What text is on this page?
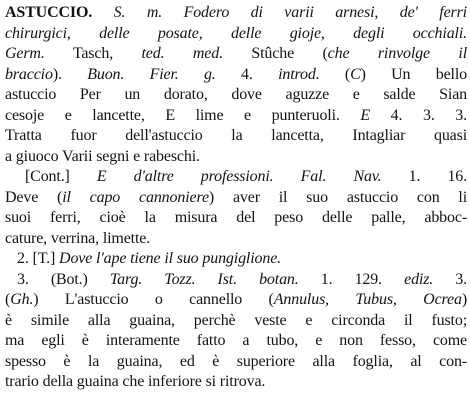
ASTUCCIO. S. m. Fodero di varii arnesi, de' ferri
chirurgici, delle posate, delle gioje, degli occhiali.
Germ. Tasch, ted. med. Stûche (che rinvolge il
braccio). Buon. Fier. g. 4. introd. (C) Un bello
astuccio Per un dorato, dove aguzze e salde Sian
cesoje e lancette, E lime e punteruoli. E 4. 3. 3.
Tratta fuor dell'astuccio la lancetta, Intagliar quasi
a giuoco Varii segni e rabeschi.
[Cont.] E d'altre professioni. Fal. Nav. 1. 16.
Deve (il capo cannoniere) aver il suo astuccio con li
suoi ferri, cioè la misura del peso delle palle, abboc-
cature, verrina, limette.
2. [T.] Dove l'ape tiene il suo pungiglione.
3. (Bot.) Targ. Tozz. Ist. botan. 1. 129. ediz. 3.
(Gh.) L'astuccio o cannello (Annulus, Tubus, Ocrea)
è simile alla guaina, perchè veste e circonda il fusto;
ma egli è interamente fatto a tubo, e non fesso, come
spesso è la guaina, ed è superiore alla foglia, al con-
trario della guaina che inferiore si ritrova.
